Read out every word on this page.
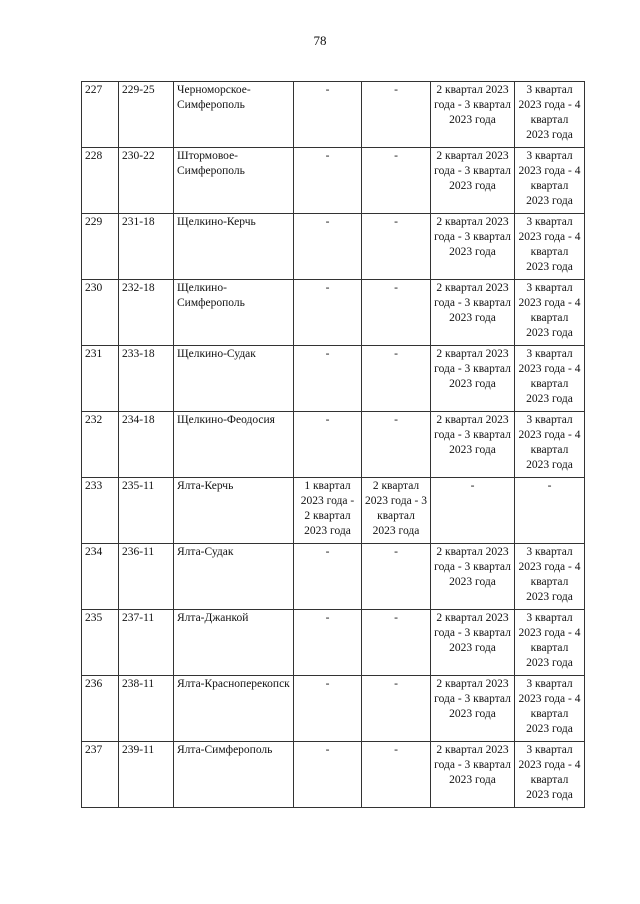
78
227	229-25	Черноморское-Симферополь	-	-	2 квартал 2023 года - 3 квартал 2023 года	3 квартал 2023 года - 4 квартал 2023 года
228	230-22	Штормовое-Симферополь	-	-	2 квартал 2023 года - 3 квартал 2023 года	3 квартал 2023 года - 4 квартал 2023 года
229	231-18	Щелкино-Керчь	-	-	2 квартал 2023 года - 3 квартал 2023 года	3 квартал 2023 года - 4 квартал 2023 года
230	232-18	Щелкино-Симферополь	-	-	2 квартал 2023 года - 3 квартал 2023 года	3 квартал 2023 года - 4 квартал 2023 года
231	233-18	Щелкино-Судак	-	-	2 квартал 2023 года - 3 квартал 2023 года	3 квартал 2023 года - 4 квартал 2023 года
232	234-18	Щелкино-Феодосия	-	-	2 квартал 2023 года - 3 квартал 2023 года	3 квартал 2023 года - 4 квартал 2023 года
233	235-11	Ялта-Керчь	1 квартал 2023 года - 2 квартал 2023 года	2 квартал 2023 года - 3 квартал 2023 года	-	-
234	236-11	Ялта-Судак	-	-	2 квартал 2023 года - 3 квартал 2023 года	3 квартал 2023 года - 4 квартал 2023 года
235	237-11	Ялта-Джанкой	-	-	2 квартал 2023 года - 3 квартал 2023 года	3 квартал 2023 года - 4 квартал 2023 года
236	238-11	Ялта-Красноперекопск	-	-	2 квартал 2023 года - 3 квартал 2023 года	3 квартал 2023 года - 4 квартал 2023 года
237	239-11	Ялта-Симферополь	-	-	2 квартал 2023 года - 3 квартал 2023 года	3 квартал 2023 года - 4 квартал 2023 года
